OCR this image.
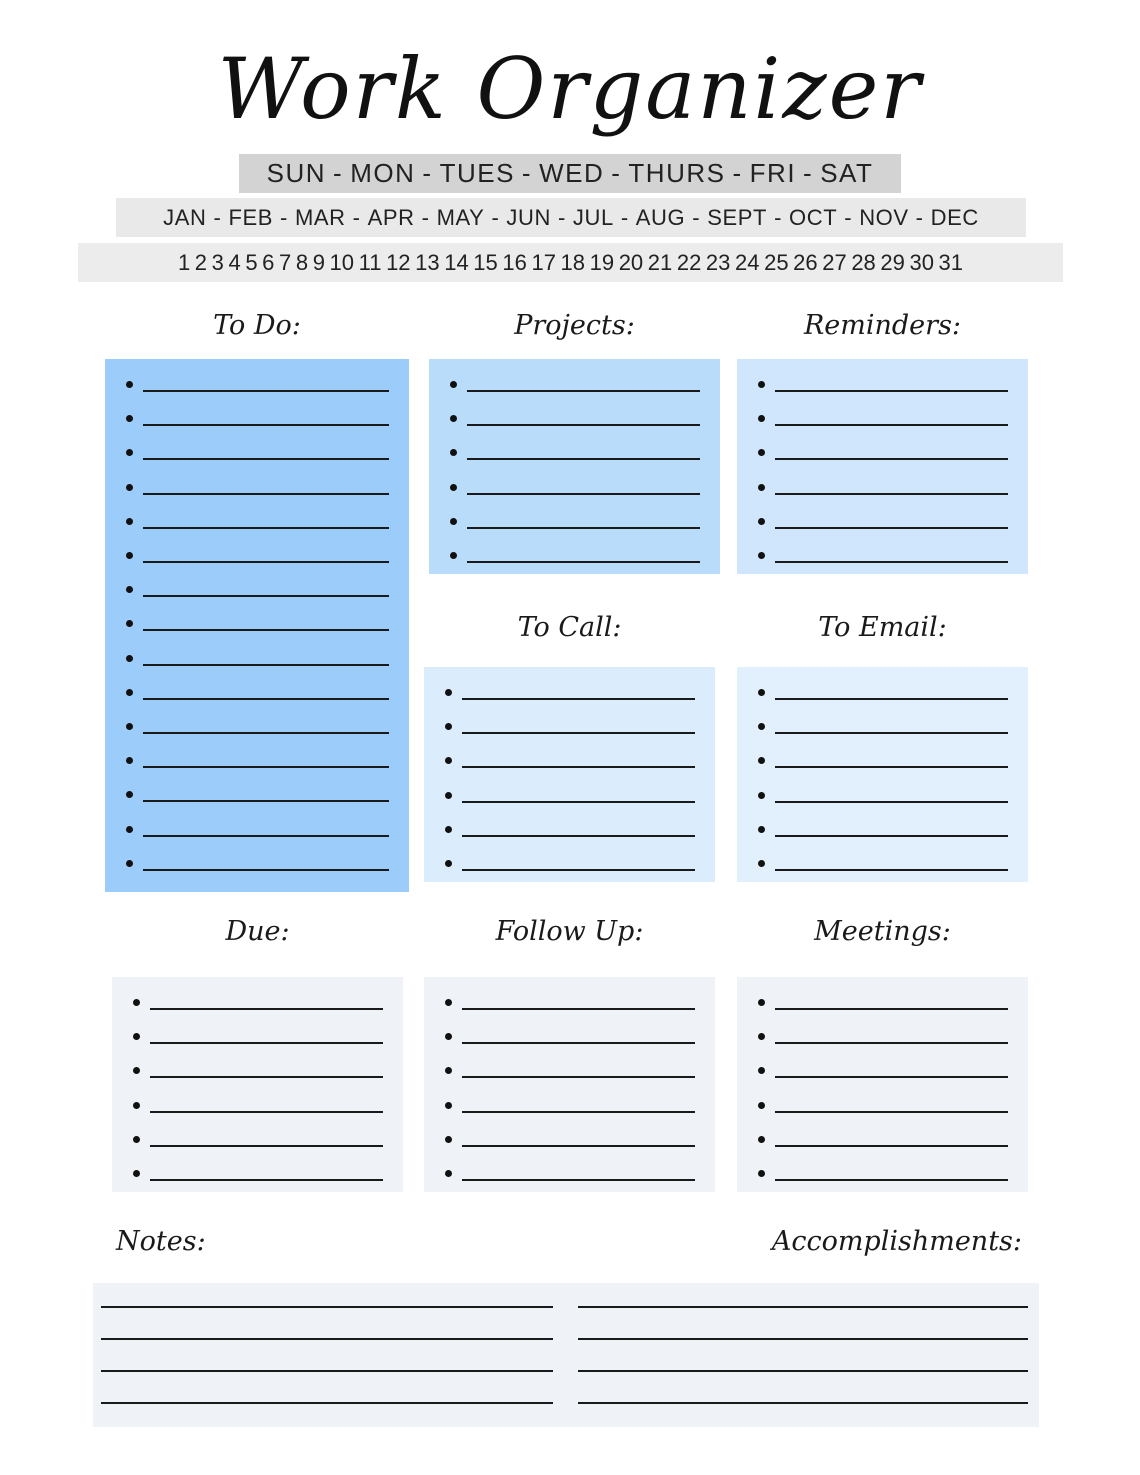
Work Organizer
SUN - MON - TUES - WED - THURS - FRI - SAT
JAN - FEB - MAR - APR - MAY - JUN - JUL - AUG - SEPT - OCT - NOV - DEC
1 2 3 4 5 6 7 8 9 10 11 12 13 14 15 16 17 18 19 20 21 22 23 24 25 26 27 28 29 30 31
To Do:	Projects:	Reminders:
To Call:	To Email:
Due:	Follow Up:	Meetings:
Notes:	Accomplishments:
